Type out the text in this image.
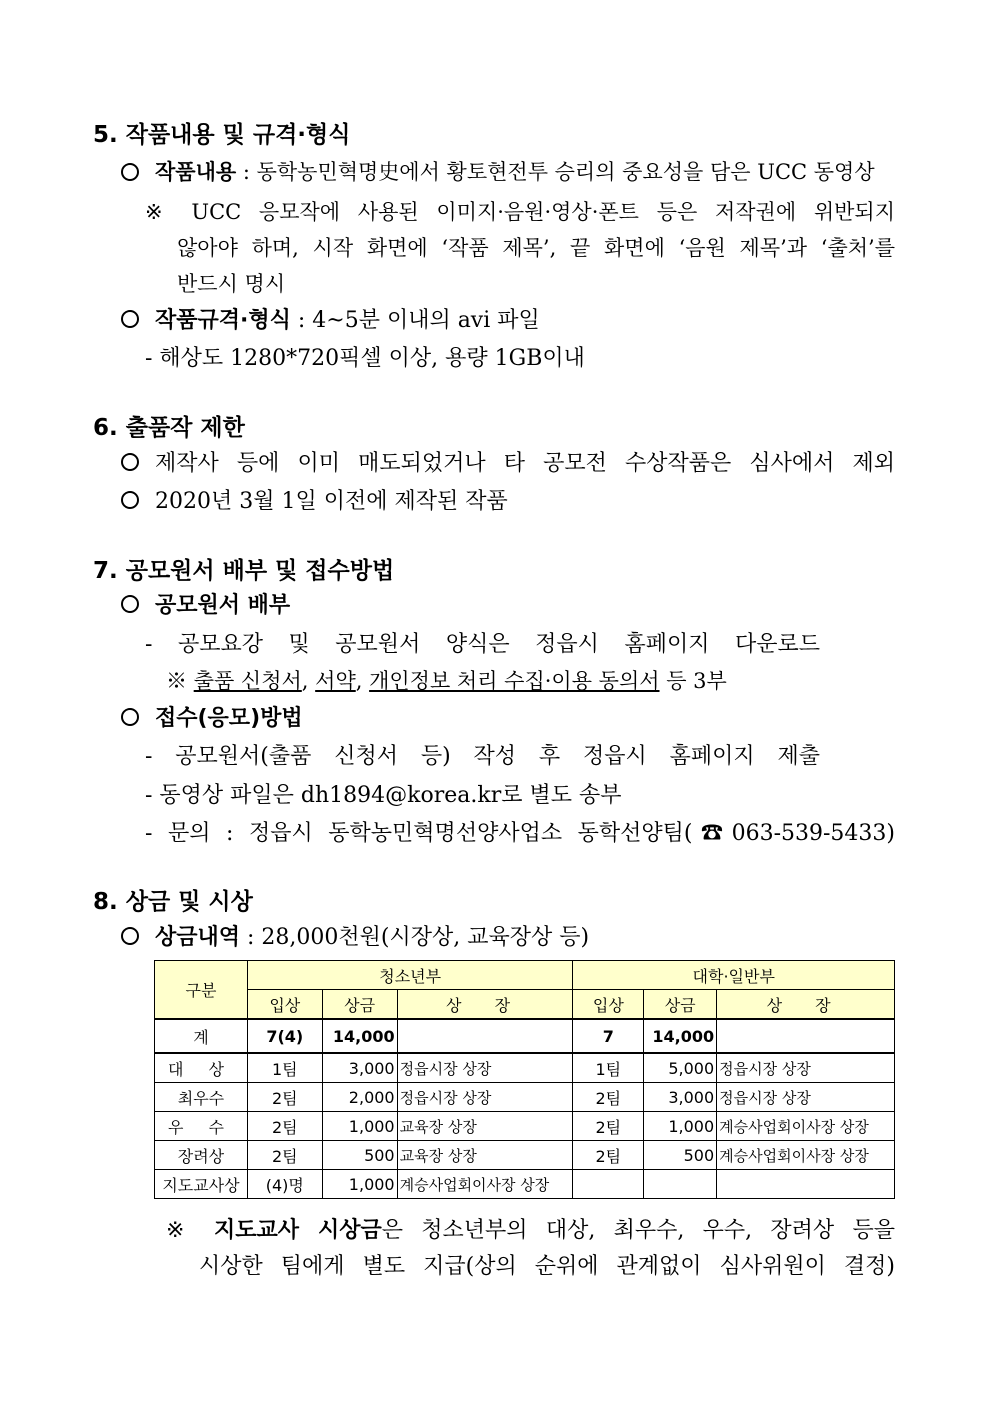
5. 작품내용 및 규격·형식
작품내용 : 동학농민혁명史에서 황토현전투 승리의 중요성을 담은 UCC 동영상
※ UCC 응모작에 사용된 이미지·음원·영상·폰트 등은 저작권에 위반되지
않아야 하며, 시작 화면에 ‘작품 제목’, 끝 화면에 ‘음원 제목’과 ‘출처’를
반드시 명시
작품규격·형식 : 4~5분 이내의 avi 파일
- 해상도 1280*720픽셀 이상, 용량 1GB이내
6. 출품작 제한
제작사 등에 이미 매도되었거나 타 공모전 수상작품은 심사에서 제외
2020년 3월 1일 이전에 제작된 작품
7. 공모원서 배부 및 접수방법
공모원서 배부
- 공모요강 및 공모원서 양식은 정읍시 홈페이지 다운로드
※ 출품 신청서, 서약, 개인정보 처리 수집·이용 동의서 등 3부
접수(응모)방법
- 공모원서(출품 신청서 등) 작성 후 정읍시 홈페이지 제출
- 동영상 파일은 dh1894@korea.kr로 별도 송부
- 문의 : 정읍시 동학농민혁명선양사업소 동학선양팀(☎063-539-5433)
8. 상금 및 시상
상금내역 : 28,000천원(시장상, 교육장상 등)
구분	청소년부			대학·일반부		
	입상	상금	상 장	입상	상금	상 장
계	7(4)	14,000		7	14,000	
대 상	1팀	3,000	정읍시장 상장	1팀	5,000	정읍시장 상장
최우수	2팀	2,000	정읍시장 상장	2팀	3,000	정읍시장 상장
우 수	2팀	1,000	교육장 상장	2팀	1,000	계승사업회이사장 상장
장려상	2팀	500	교육장 상장	2팀	500	계승사업회이사장 상장
지도교사상	(4)명	1,000	계승사업회이사장 상장			
※ 지도교사 시상금은 청소년부의 대상, 최우수, 우수, 장려상 등을
시상한 팀에게 별도 지급(상의 순위에 관계없이 심사위원이 결정)
